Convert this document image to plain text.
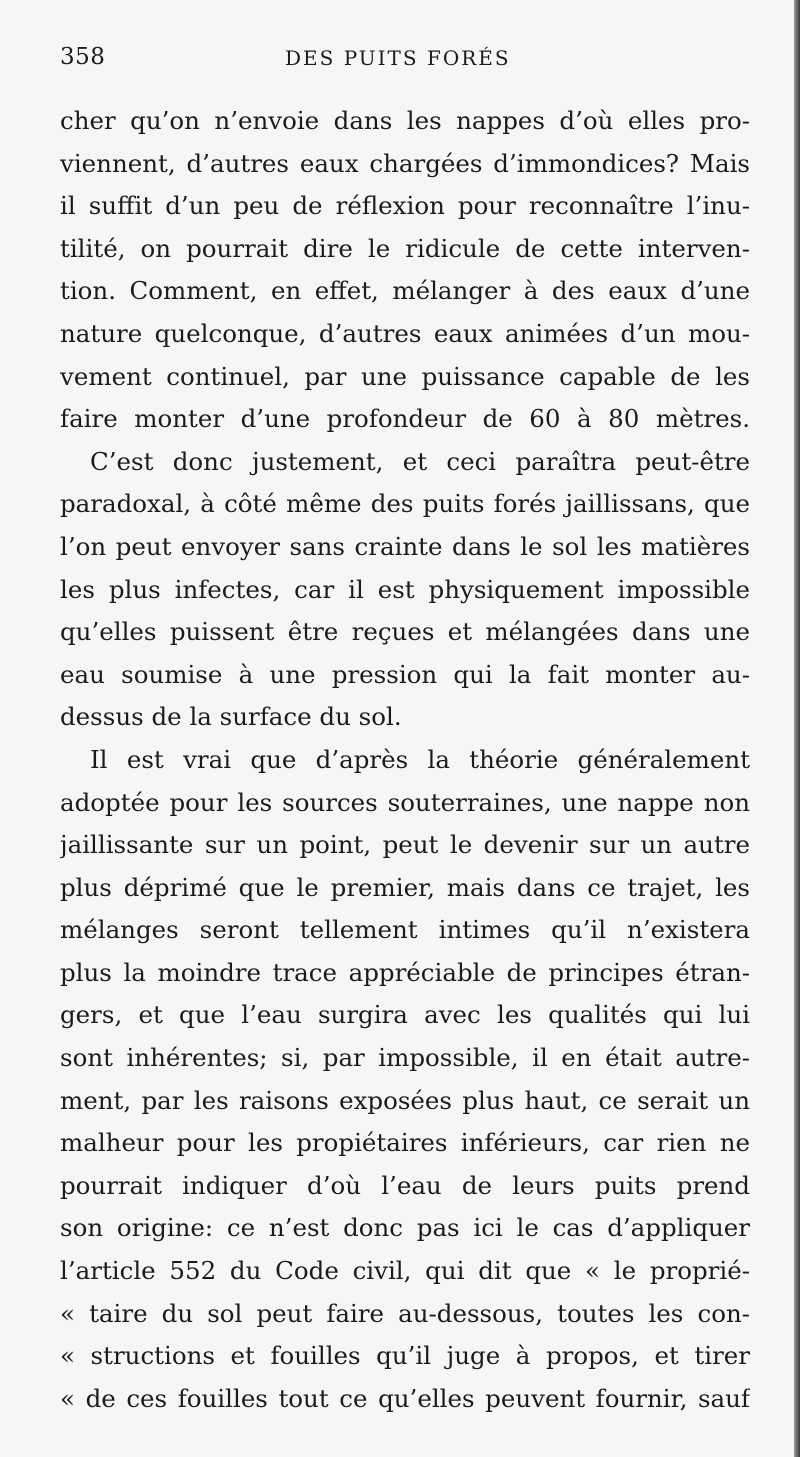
358	DES PUITS FORÉS
cher qu’on n’envoie dans les nappes d’où elles pro-
viennent, d’autres eaux chargées d’immondices? Mais
il suffit d’un peu de réflexion pour reconnaître l’inu-
tilité, on pourrait dire le ridicule de cette interven-
tion. Comment, en effet, mélanger à des eaux d’une
nature quelconque, d’autres eaux animées d’un mou-
vement continuel, par une puissance capable de les
faire monter d’une profondeur de 60 à 80 mètres.
C’est donc justement, et ceci paraîtra peut-être
paradoxal, à côté même des puits forés jaillissans, que
l’on peut envoyer sans crainte dans le sol les matières
les plus infectes, car il est physiquement impossible
qu’elles puissent être reçues et mélangées dans une
eau soumise à une pression qui la fait monter au-
dessus de la surface du sol.
Il est vrai que d’après la théorie généralement
adoptée pour les sources souterraines, une nappe non
jaillissante sur un point, peut le devenir sur un autre
plus déprimé que le premier, mais dans ce trajet, les
mélanges seront tellement intimes qu’il n’existera
plus la moindre trace appréciable de principes étran-
gers, et que l’eau surgira avec les qualités qui lui
sont inhérentes; si, par impossible, il en était autre-
ment, par les raisons exposées plus haut, ce serait un
malheur pour les propiétaires inférieurs, car rien ne
pourrait indiquer d’où l’eau de leurs puits prend
son origine: ce n’est donc pas ici le cas d’appliquer
l’article 552 du Code civil, qui dit que « le proprié-
« taire du sol peut faire au-dessous, toutes les con-
« structions et fouilles qu’il juge à propos, et tirer
« de ces fouilles tout ce qu’elles peuvent fournir, sauf
